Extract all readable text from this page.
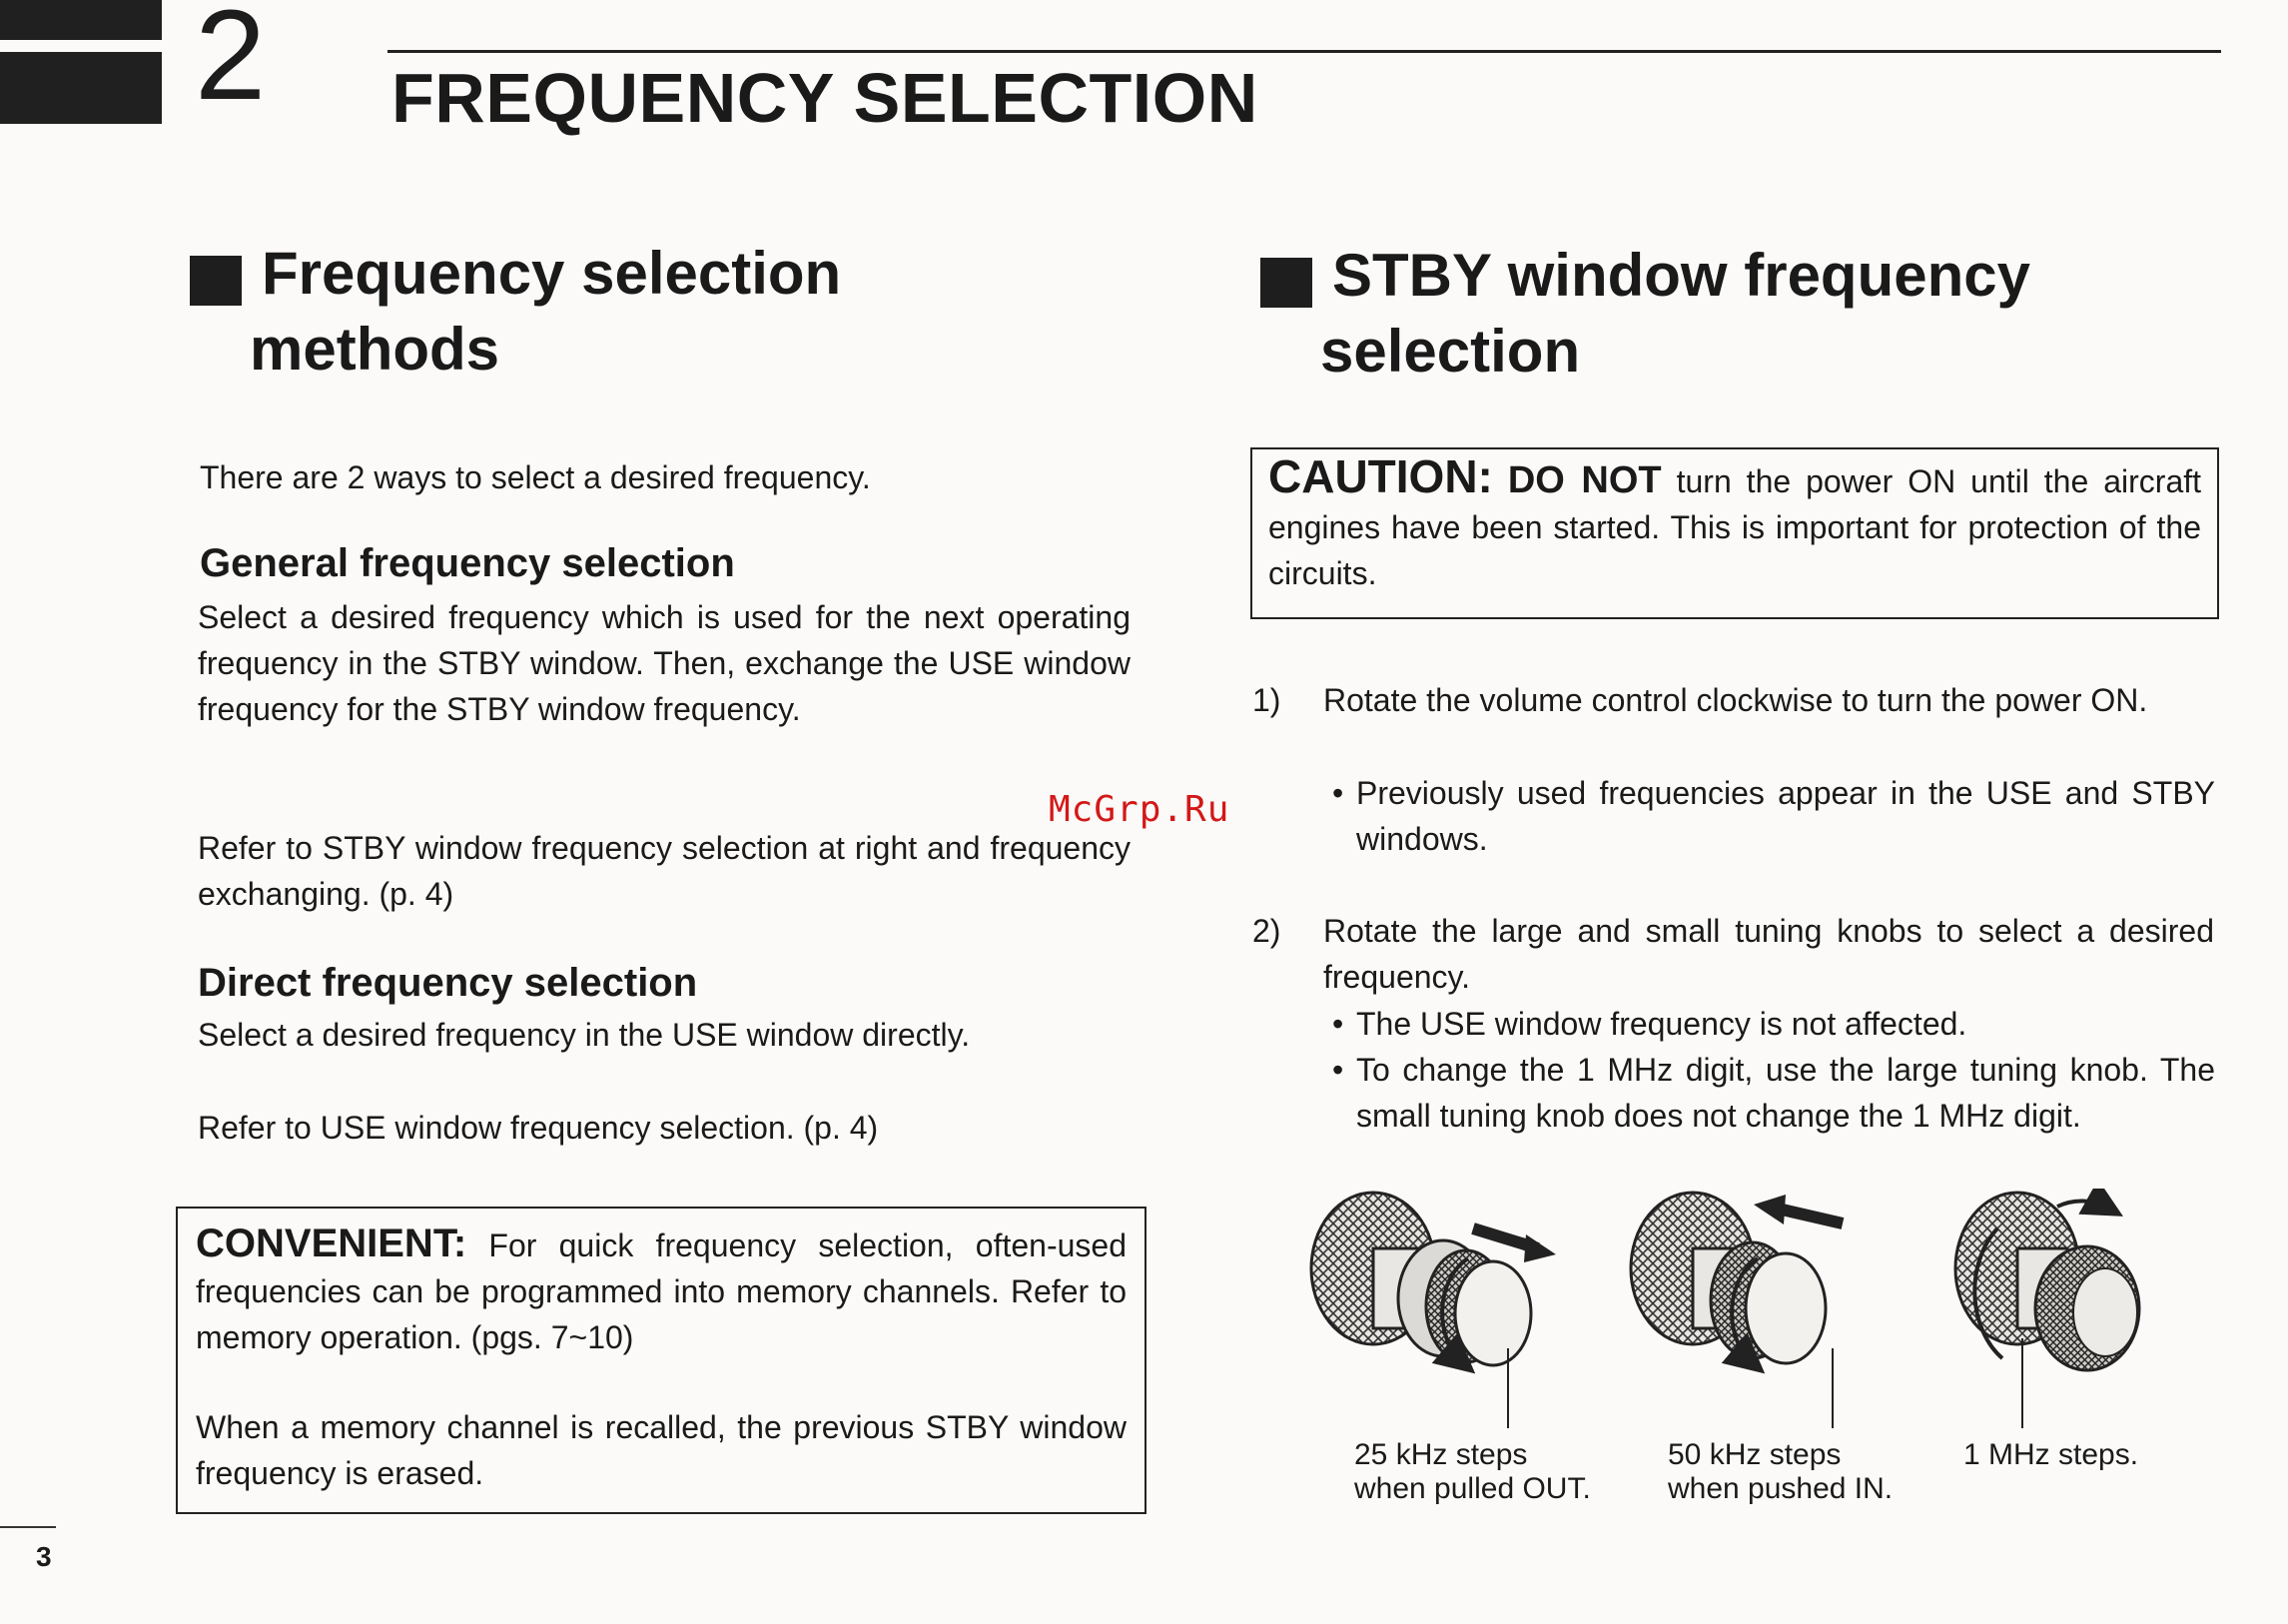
2 FREQUENCY SELECTION
Frequency selection
methods
There are 2 ways to select a desired frequency.
General frequency selection
Select a desired frequency which is used for the next operating frequency in the STBY window. Then, exchange the USE window frequency for the STBY window frequency.
Refer to STBY window frequency selection at right and frequency exchanging. (p. 4)
Direct frequency selection
Select a desired frequency in the USE window directly.
Refer to USE window frequency selection. (p. 4)
CONVENIENT: For quick frequency selection, often-used frequencies can be programmed into memory channels. Refer to memory operation. (pgs. 7~10)
When a memory channel is recalled, the previous STBY window frequency is erased.
STBY window frequency
selection
CAUTION: DO NOT turn the power ON until the aircraft engines have been started. This is important for protection of the circuits.
1) Rotate the volume control clockwise to turn the power ON.
• Previously used frequencies appear in the USE and STBY windows.
2) Rotate the large and small tuning knobs to select a desired frequency.
• The USE window frequency is not affected.
• To change the 1 MHz digit, use the large tuning knob. The small tuning knob does not change the 1 MHz digit.
25 kHz steps
when pulled OUT.
50 kHz steps
when pushed IN.
1 MHz steps.
McGrp.Ru
3
